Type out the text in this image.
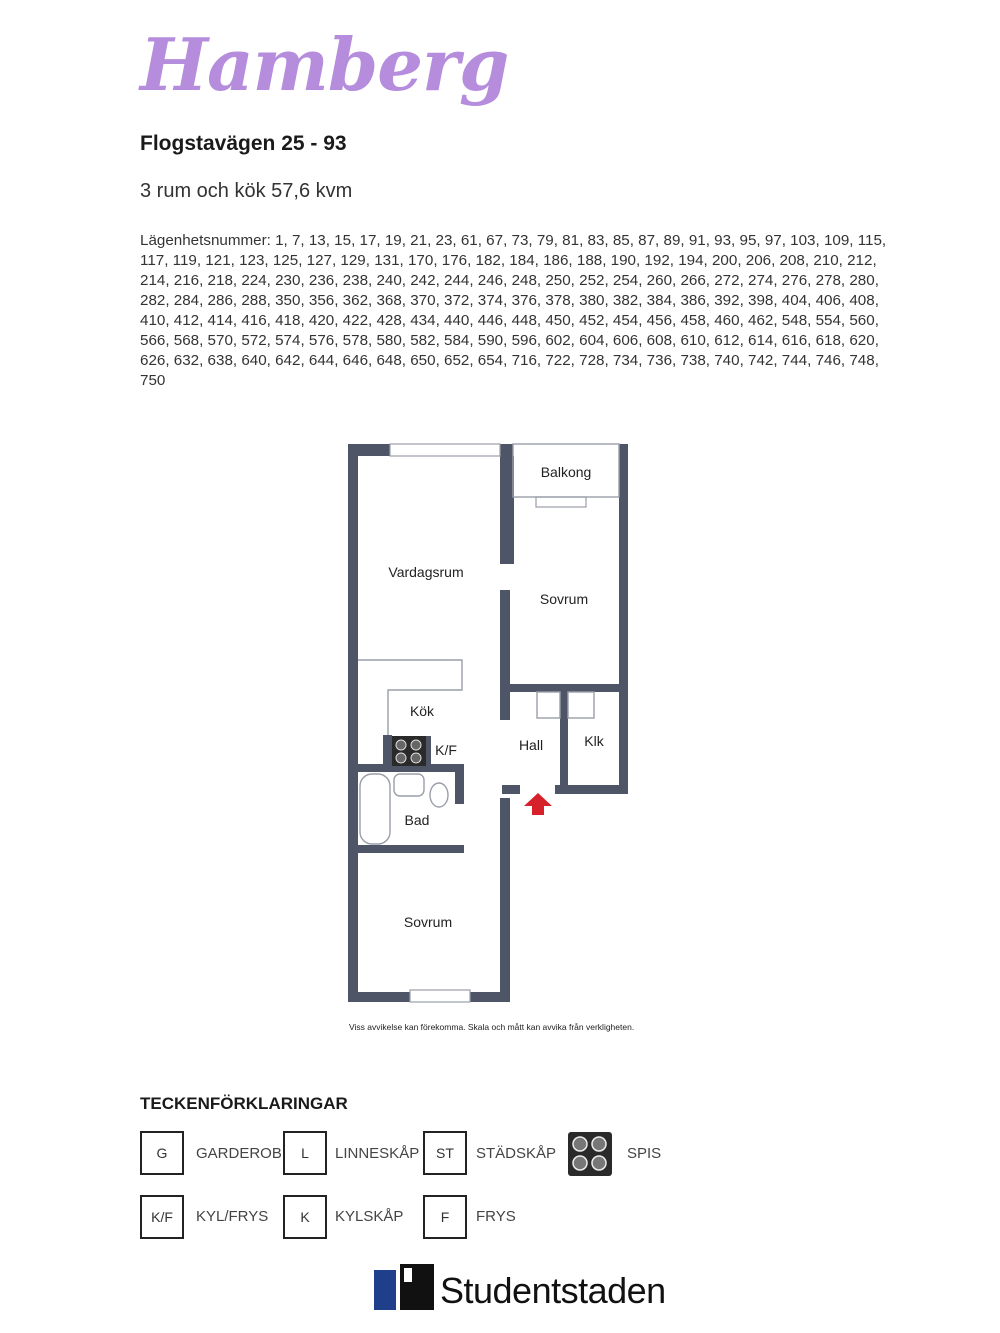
Hamberg
Flogstavägen 25 - 93
3 rum och kök 57,6 kvm
Lägenhetsnummer: 1, 7, 13, 15, 17, 19, 21, 23, 61, 67, 73, 79, 81, 83, 85, 87, 89, 91, 93, 95, 97, 103, 109, 115, 117, 119, 121, 123, 125, 127, 129, 131, 170, 176, 182, 184, 186, 188, 190, 192, 194, 200, 206, 208, 210, 212, 214, 216, 218, 224, 230, 236, 238, 240, 242, 244, 246, 248, 250, 252, 254, 260, 266, 272, 274, 276, 278, 280, 282, 284, 286, 288, 350, 356, 362, 368, 370, 372, 374, 376, 378, 380, 382, 384, 386, 392, 398, 404, 406, 408, 410, 412, 414, 416, 418, 420, 422, 428, 434, 440, 446, 448, 450, 452, 454, 456, 458, 460, 462, 548, 554, 560, 566, 568, 570, 572, 574, 576, 578, 580, 582, 584, 590, 596, 602, 604, 606, 608, 610, 612, 614, 616, 618, 620, 626, 632, 638, 640, 642, 644, 646, 648, 650, 652, 654, 716, 722, 728, 734, 736, 738, 740, 742, 744, 746, 748, 750
Balkong
Vardagsrum
Sovrum
Kök
K/F	Hall	Klk
Bad
Sovrum
Viss avvikelse kan förekomma. Skala och mått kan avvika från verkligheten.
TECKENFÖRKLARINGAR
G	GARDEROB	L	LINNESKÅP	ST	STÄDSKÅP	SPIS
K/F	KYL/FRYS	K	KYLSKÅP	F	FRYS
Studentstaden
